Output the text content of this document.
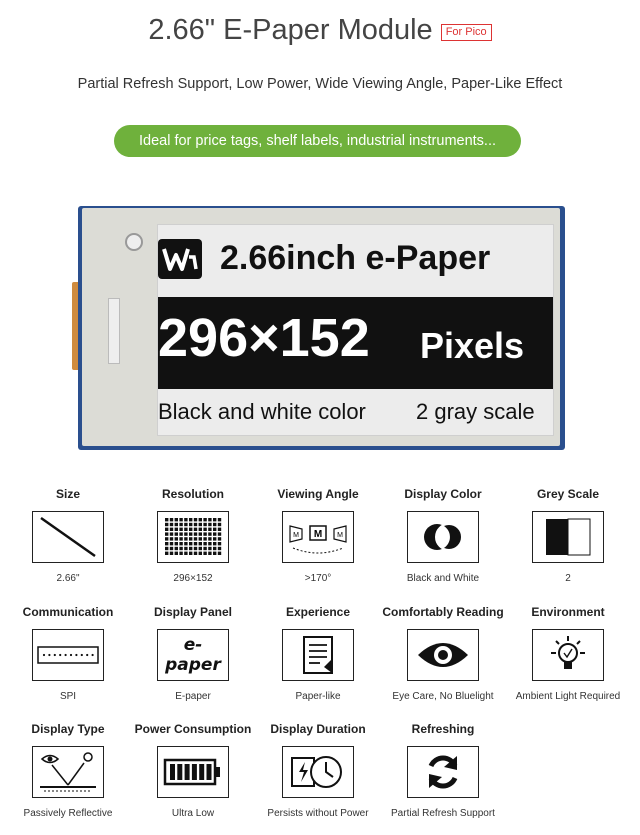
2.66" E-Paper Module For Pico
Partial Refresh Support, Low Power, Wide Viewing Angle, Paper-Like Effect
Ideal for price tags, shelf labels, industrial instruments...
2.66inch e-Paper
296×152 Pixels
Black and white color 2 gray scale
Size
2.66"
Resolution
296×152
Viewing Angle
M
M	M
>170°
Display Color
Black and White
Grey Scale
2
Communication
SPI
Display Panel
e-paper
E-paper
Experience
Paper-like
Comfortably Reading
Eye Care, No Bluelight
Environment
Ambient Light Required
Display Type
Passively Reflective
Power Consumption
Ultra Low
Display Duration
Persists without Power
Refreshing
Partial Refresh Support
